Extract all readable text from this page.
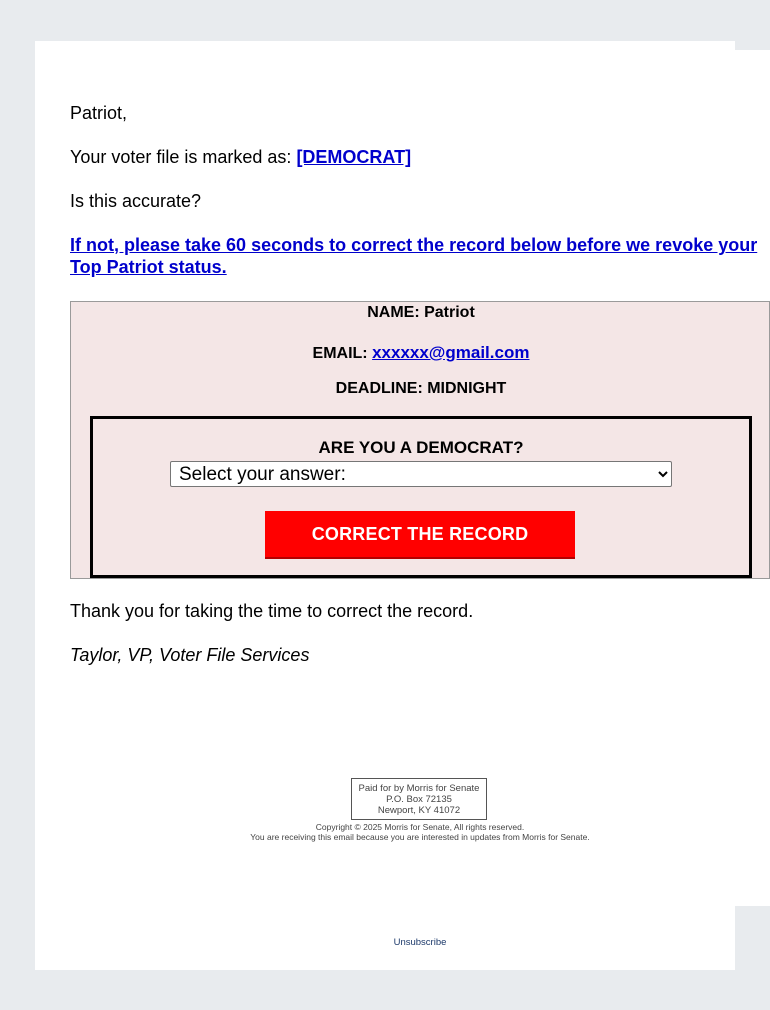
Patriot,
Your voter file is marked as: [DEMOCRAT]
Is this accurate?
If not, please take 60 seconds to correct the record below before we revoke your Top Patriot status.
Thank you for taking the time to correct the record.
Taylor, VP, Voter File Services
NAME: Patriot
EMAIL: xxxxxx@gmail.com
DEADLINE: MIDNIGHT
ARE YOU A DEMOCRAT?
Select your answer:
CORRECT THE RECORD
Paid for by Morris for Senate
P.O. Box 72135
Newport, KY 41072
Copyright © 2025 Morris for Senate, All rights reserved.
You are receiving this email because you are interested in updates from Morris for Senate.
Unsubscribe
